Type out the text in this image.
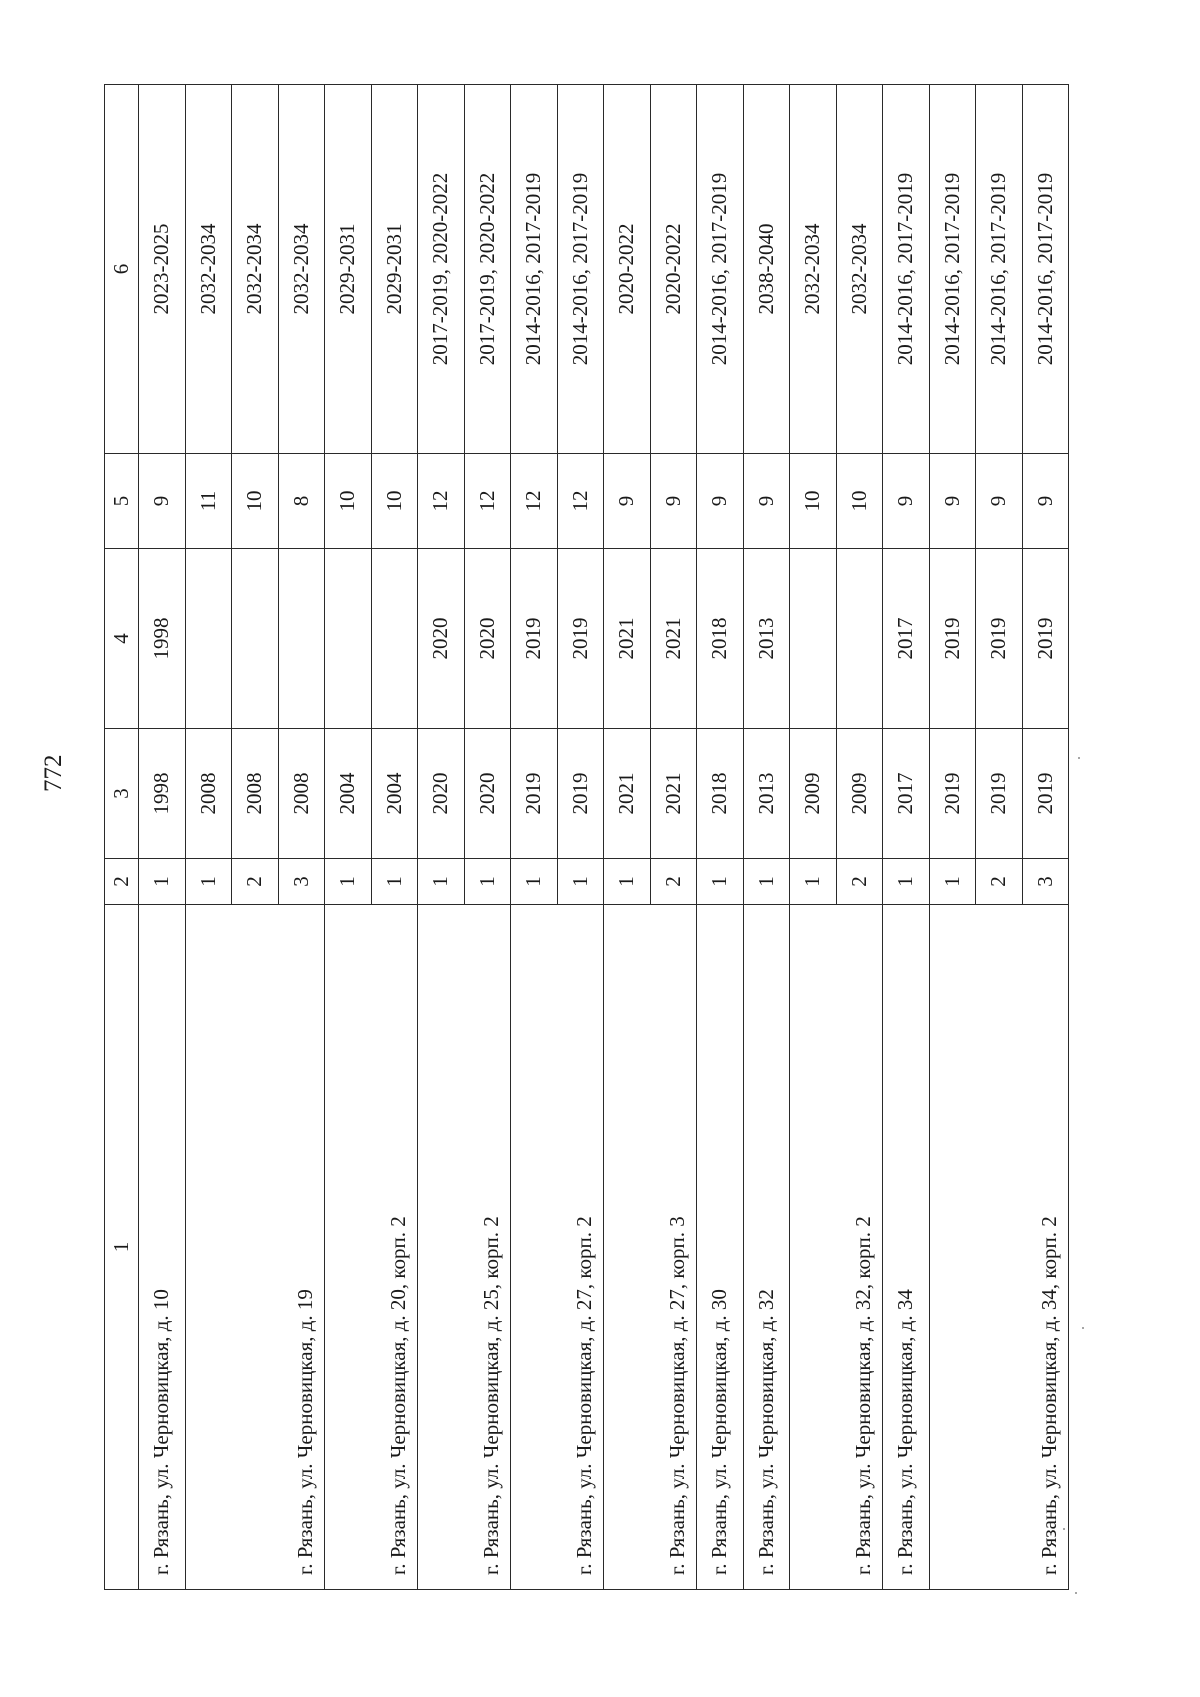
772
1	2	3	4	5	6
г. Рязань, ул. Черновицкая, д. 10	1	1998	1998	9	2023-2025
г. Рязань, ул. Черновицкая, д. 19	1	2008		11	2032-2034
	2	2008		10	2032-2034
	3	2008		8	2032-2034
г. Рязань, ул. Черновицкая, д. 20, корп. 2	1	2004		10	2029-2031
	1	2004		10	2029-2031
г. Рязань, ул. Черновицкая, д. 25, корп. 2	1	2020	2020	12	2017-2019, 2020-2022
	1	2020	2020	12	2017-2019, 2020-2022
г. Рязань, ул. Черновицкая, д. 27, корп. 2	1	2019	2019	12	2014-2016, 2017-2019
	1	2019	2019	12	2014-2016, 2017-2019
г. Рязань, ул. Черновицкая, д. 27, корп. 3	1	2021	2021	9	2020-2022
	2	2021	2021	9	2020-2022
г. Рязань, ул. Черновицкая, д. 30	1	2018	2018	9	2014-2016, 2017-2019
г. Рязань, ул. Черновицкая, д. 32	1	2013	2013	9	2038-2040
г. Рязань, ул. Черновицкая, д. 32, корп. 2	1	2009		10	2032-2034
	2	2009		10	2032-2034
г. Рязань, ул. Черновицкая, д. 34	1	2017	2017	9	2014-2016, 2017-2019
г. Рязань, ул. Черновицкая, д. 34, корп. 2	1	2019	2019	9	2014-2016, 2017-2019
	2	2019	2019	9	2014-2016, 2017-2019
	3	2019	2019	9	2014-2016, 2017-2019
